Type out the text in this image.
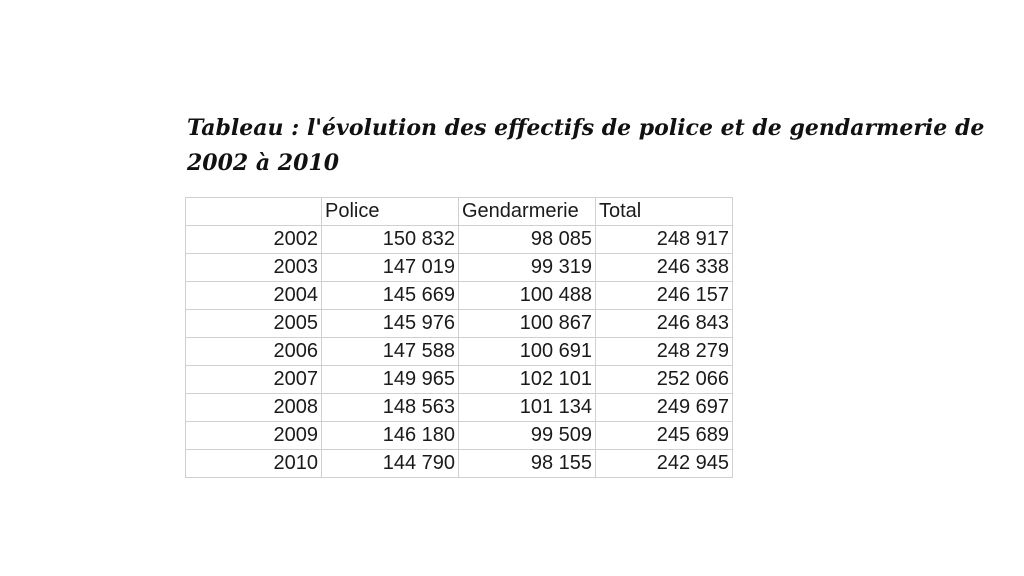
Tableau : l'évolution des effectifs de police et de gendarmerie de 2002 à 2010
	Police	Gendarmerie	Total
2002	150 832	98 085	248 917
2003	147 019	99 319	246 338
2004	145 669	100 488	246 157
2005	145 976	100 867	246 843
2006	147 588	100 691	248 279
2007	149 965	102 101	252 066
2008	148 563	101 134	249 697
2009	146 180	99 509	245 689
2010	144 790	98 155	242 945
